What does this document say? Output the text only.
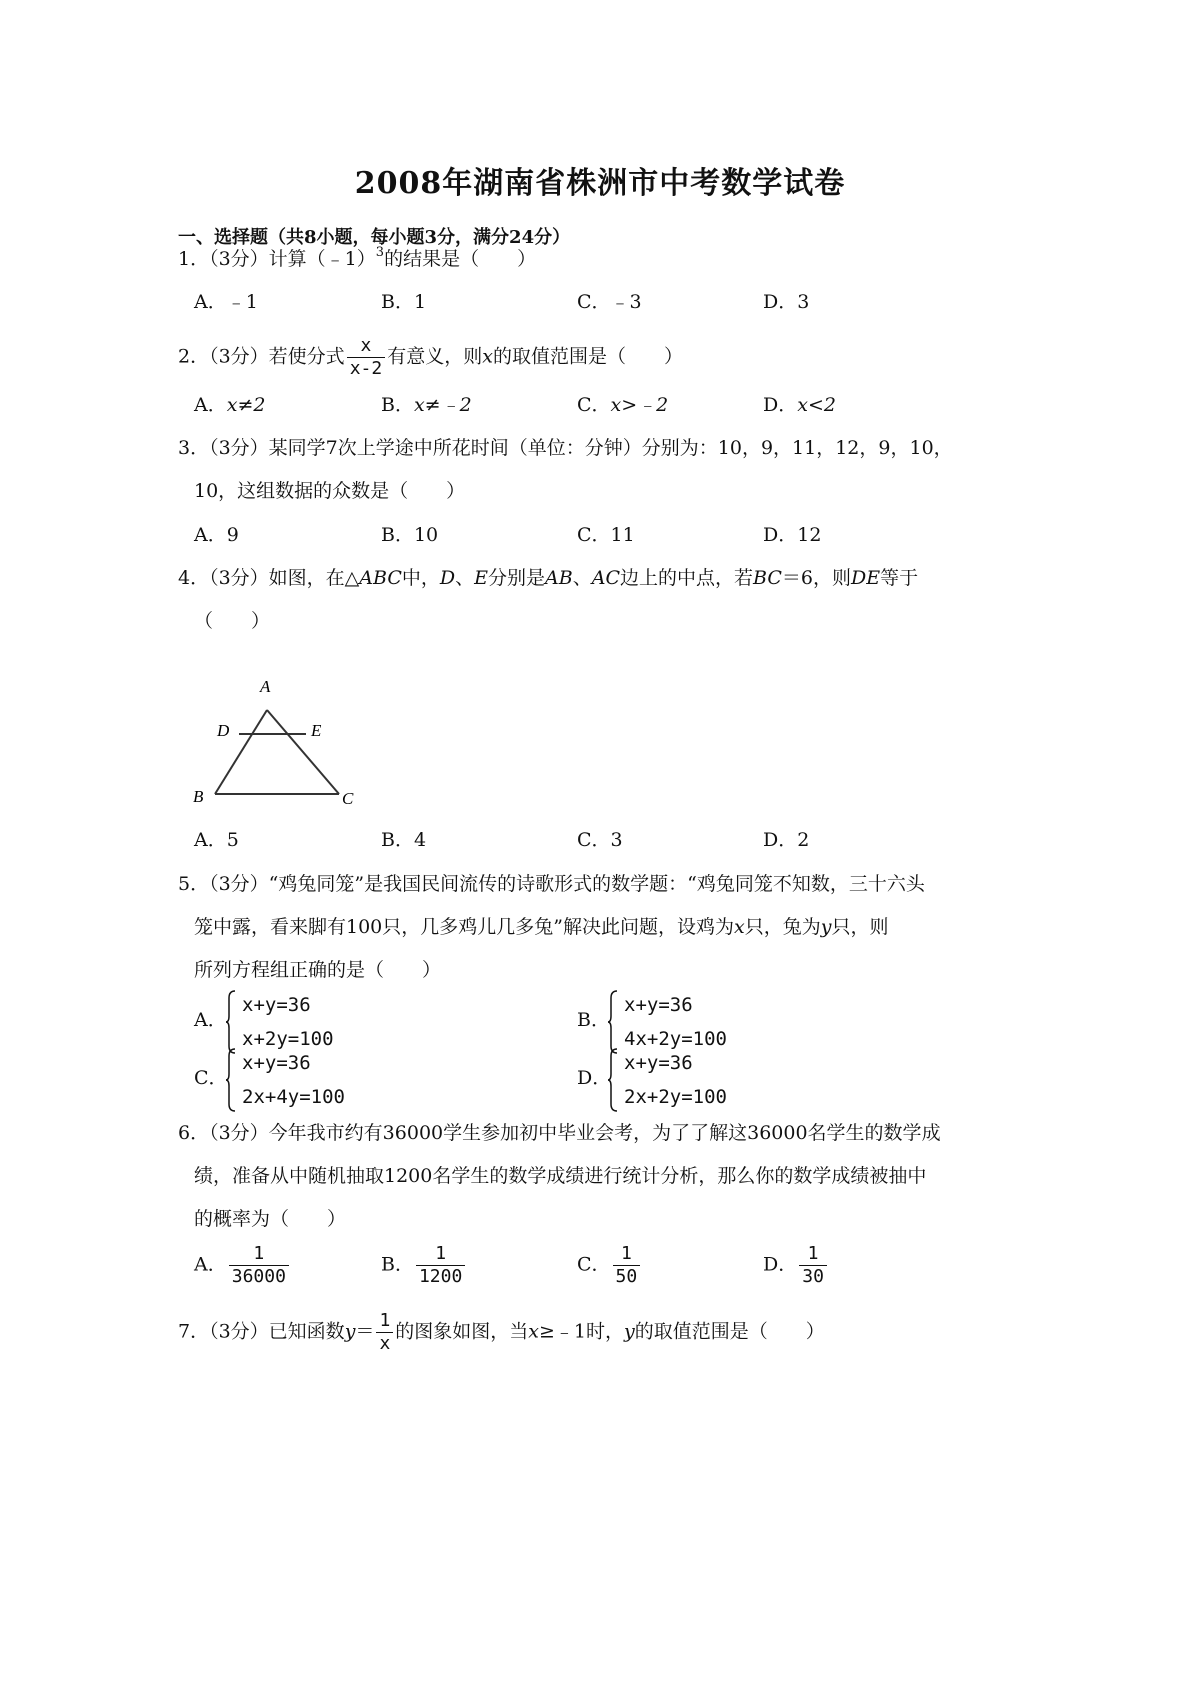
2008年湖南省株洲市中考数学试卷
一、选择题（共8小题，每小题3分，满分24分）
1．（3分）计算（﹣1）$^3$的结果是（　　）
A．﹣1	B．1	C．﹣3	D．3
2．（3分）若使分式 $\frac{x}{x-2}$ 有意义，则x的取值范围是（　　）
A．x≠2	B．x≠﹣2	C．x>﹣2	D．x<2
3．（3分）某同学7次上学途中所花时间（单位：分钟）分别为：10，9，11，12，9，10，
10，这组数据的众数是（　　）
A．9	B．10	C．11	D．12
4．（3分）如图，在△ABC中，D、E分别是AB、AC边上的中点，若BC＝6，则DE等于
（　　）
A
D	E
B	C
A．5	B．4	C．3	D．2
5．（3分）“鸡兔同笼”是我国民间流传的诗歌形式的数学题：“鸡兔同笼不知数，三十六头
笼中露，看来脚有100只，几多鸡儿几多兔”解决此问题，设鸡为x只，兔为y只，则
所列方程组正确的是（　　）
A．
x+y=36
x+2y=100
B．
x+y=36
4x+2y=100
C．
x+y=36
2x+4y=100
D．
x+y=36
2x+2y=100
6．（3分）今年我市约有36000学生参加初中毕业会考，为了了解这36000名学生的数学成
绩，准备从中随机抽取1200名学生的数学成绩进行统计分析，那么你的数学成绩被抽中
的概率为（　　）
A． $\frac{1}{36000}$	B． $\frac{1}{1200}$	C． $\frac{1}{50}$	D． $\frac{1}{30}$
7．（3分）已知函数$y= \frac{1}{x}$ 的图象如图，当x≥﹣1时，y的取值范围是（　　）
